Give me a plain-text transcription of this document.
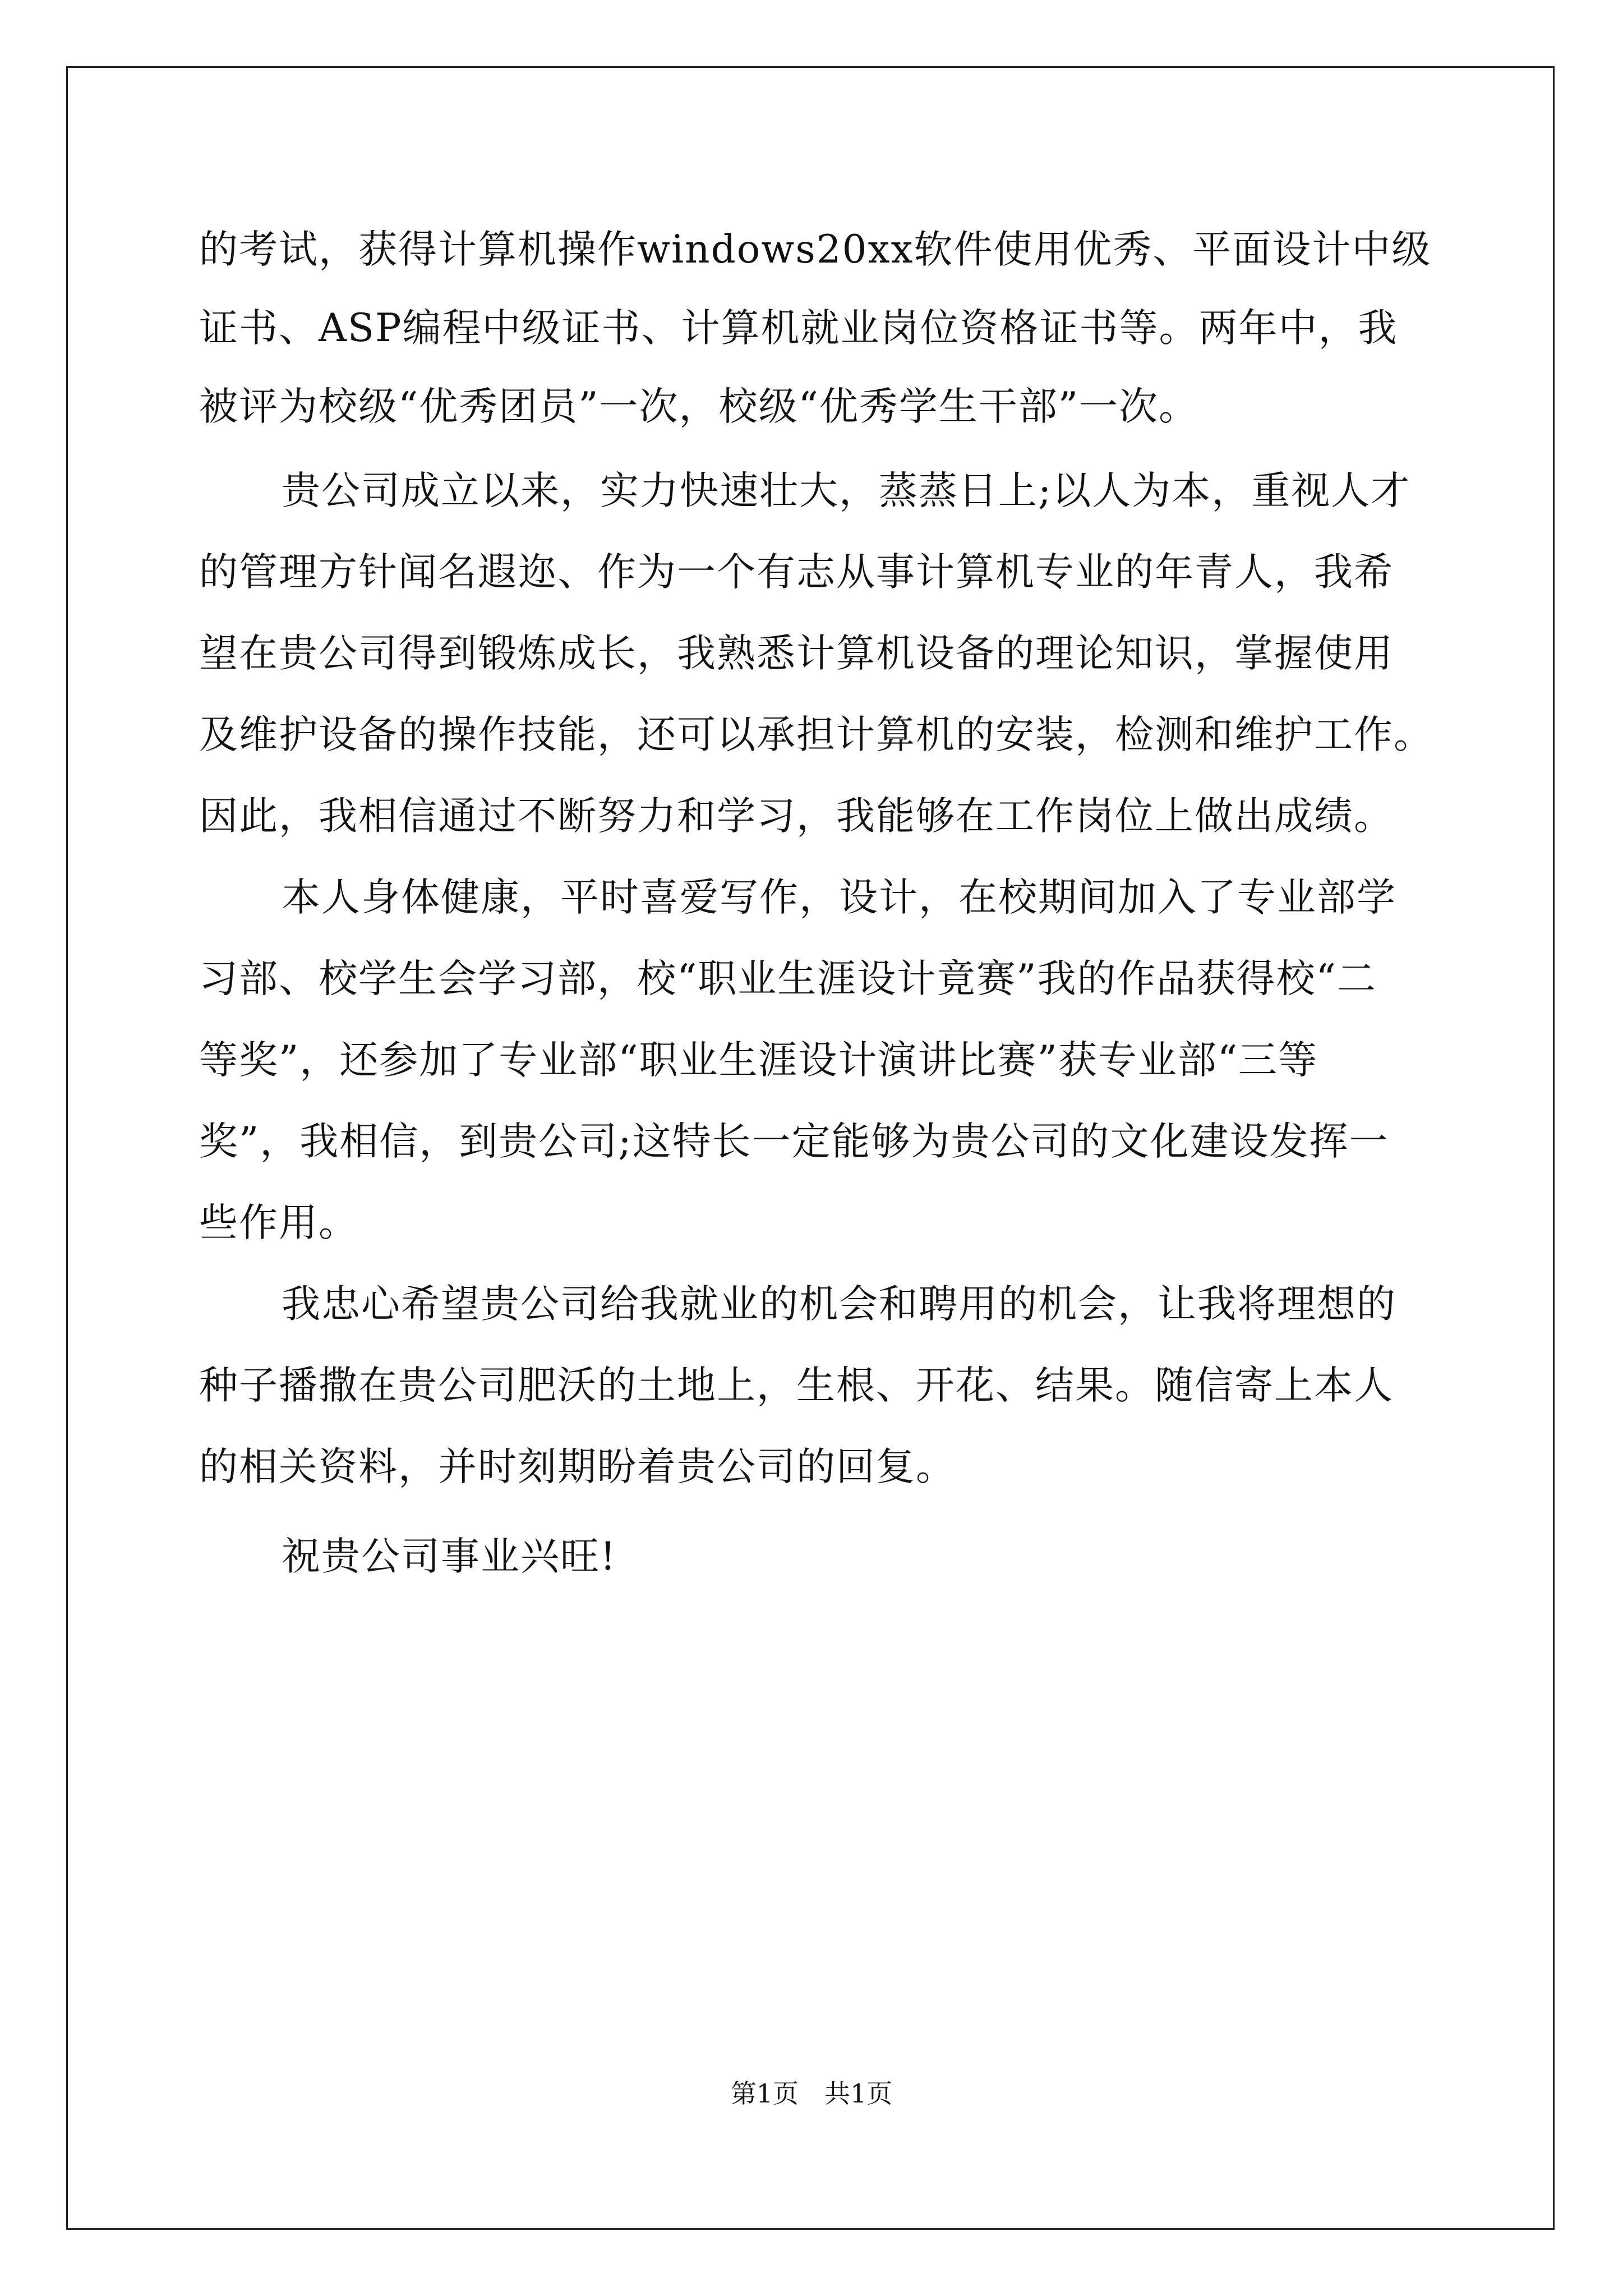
的考试，获得计算机操作windows20xx软件使用优秀、平面设计中级
证书、ASP编程中级证书、计算机就业岗位资格证书等。两年中，我
被评为校级“优秀团员”一次，校级“优秀学生干部”一次。
贵公司成立以来，实力快速壮大，蒸蒸日上;以人为本，重视人才
的管理方针闻名遐迩、作为一个有志从事计算机专业的年青人，我希
望在贵公司得到锻炼成长，我熟悉计算机设备的理论知识，掌握使用
及维护设备的操作技能，还可以承担计算机的安装，检测和维护工作。
因此，我相信通过不断努力和学习，我能够在工作岗位上做出成绩。
本人身体健康，平时喜爱写作，设计，在校期间加入了专业部学
习部、校学生会学习部，校“职业生涯设计竟赛”我的作品获得校“二
等奖”，还参加了专业部“职业生涯设计演讲比赛”获专业部“三等
奖”，我相信，到贵公司;这特长一定能够为贵公司的文化建设发挥一
些作用。
我忠心希望贵公司给我就业的机会和聘用的机会，让我将理想的
种子播撒在贵公司肥沃的土地上，生根、开花、结果。随信寄上本人
的相关资料，并时刻期盼着贵公司的回复。
祝贵公司事业兴旺!
第1页 共1页
